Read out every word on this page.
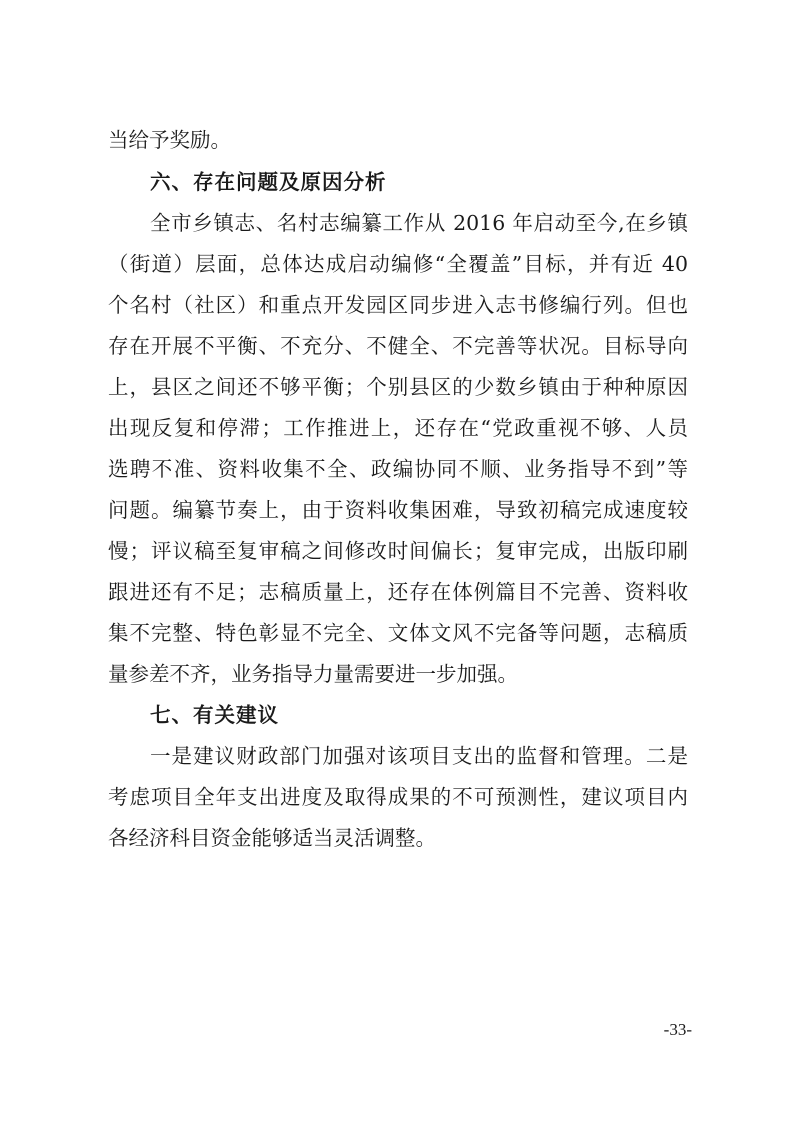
当给予奖励。
六、存在问题及原因分析
全市乡镇志、名村志编纂工作从 2016 年启动至今,在乡镇
（街道）层面，总体达成启动编修“全覆盖”目标，并有近 40
个名村（社区）和重点开发园区同步进入志书修编行列。但也
存在开展不平衡、不充分、不健全、不完善等状况。目标导向
上，县区之间还不够平衡；个别县区的少数乡镇由于种种原因
出现反复和停滞；工作推进上，还存在“党政重视不够、人员
选聘不准、资料收集不全、政编协同不顺、业务指导不到”等
问题。编纂节奏上，由于资料收集困难，导致初稿完成速度较
慢；评议稿至复审稿之间修改时间偏长；复审完成，出版印刷
跟进还有不足；志稿质量上，还存在体例篇目不完善、资料收
集不完整、特色彰显不完全、文体文风不完备等问题，志稿质
量参差不齐，业务指导力量需要进一步加强。
七、有关建议
一是建议财政部门加强对该项目支出的监督和管理。二是
考虑项目全年支出进度及取得成果的不可预测性，建议项目内
各经济科目资金能够适当灵活调整。
-33-
